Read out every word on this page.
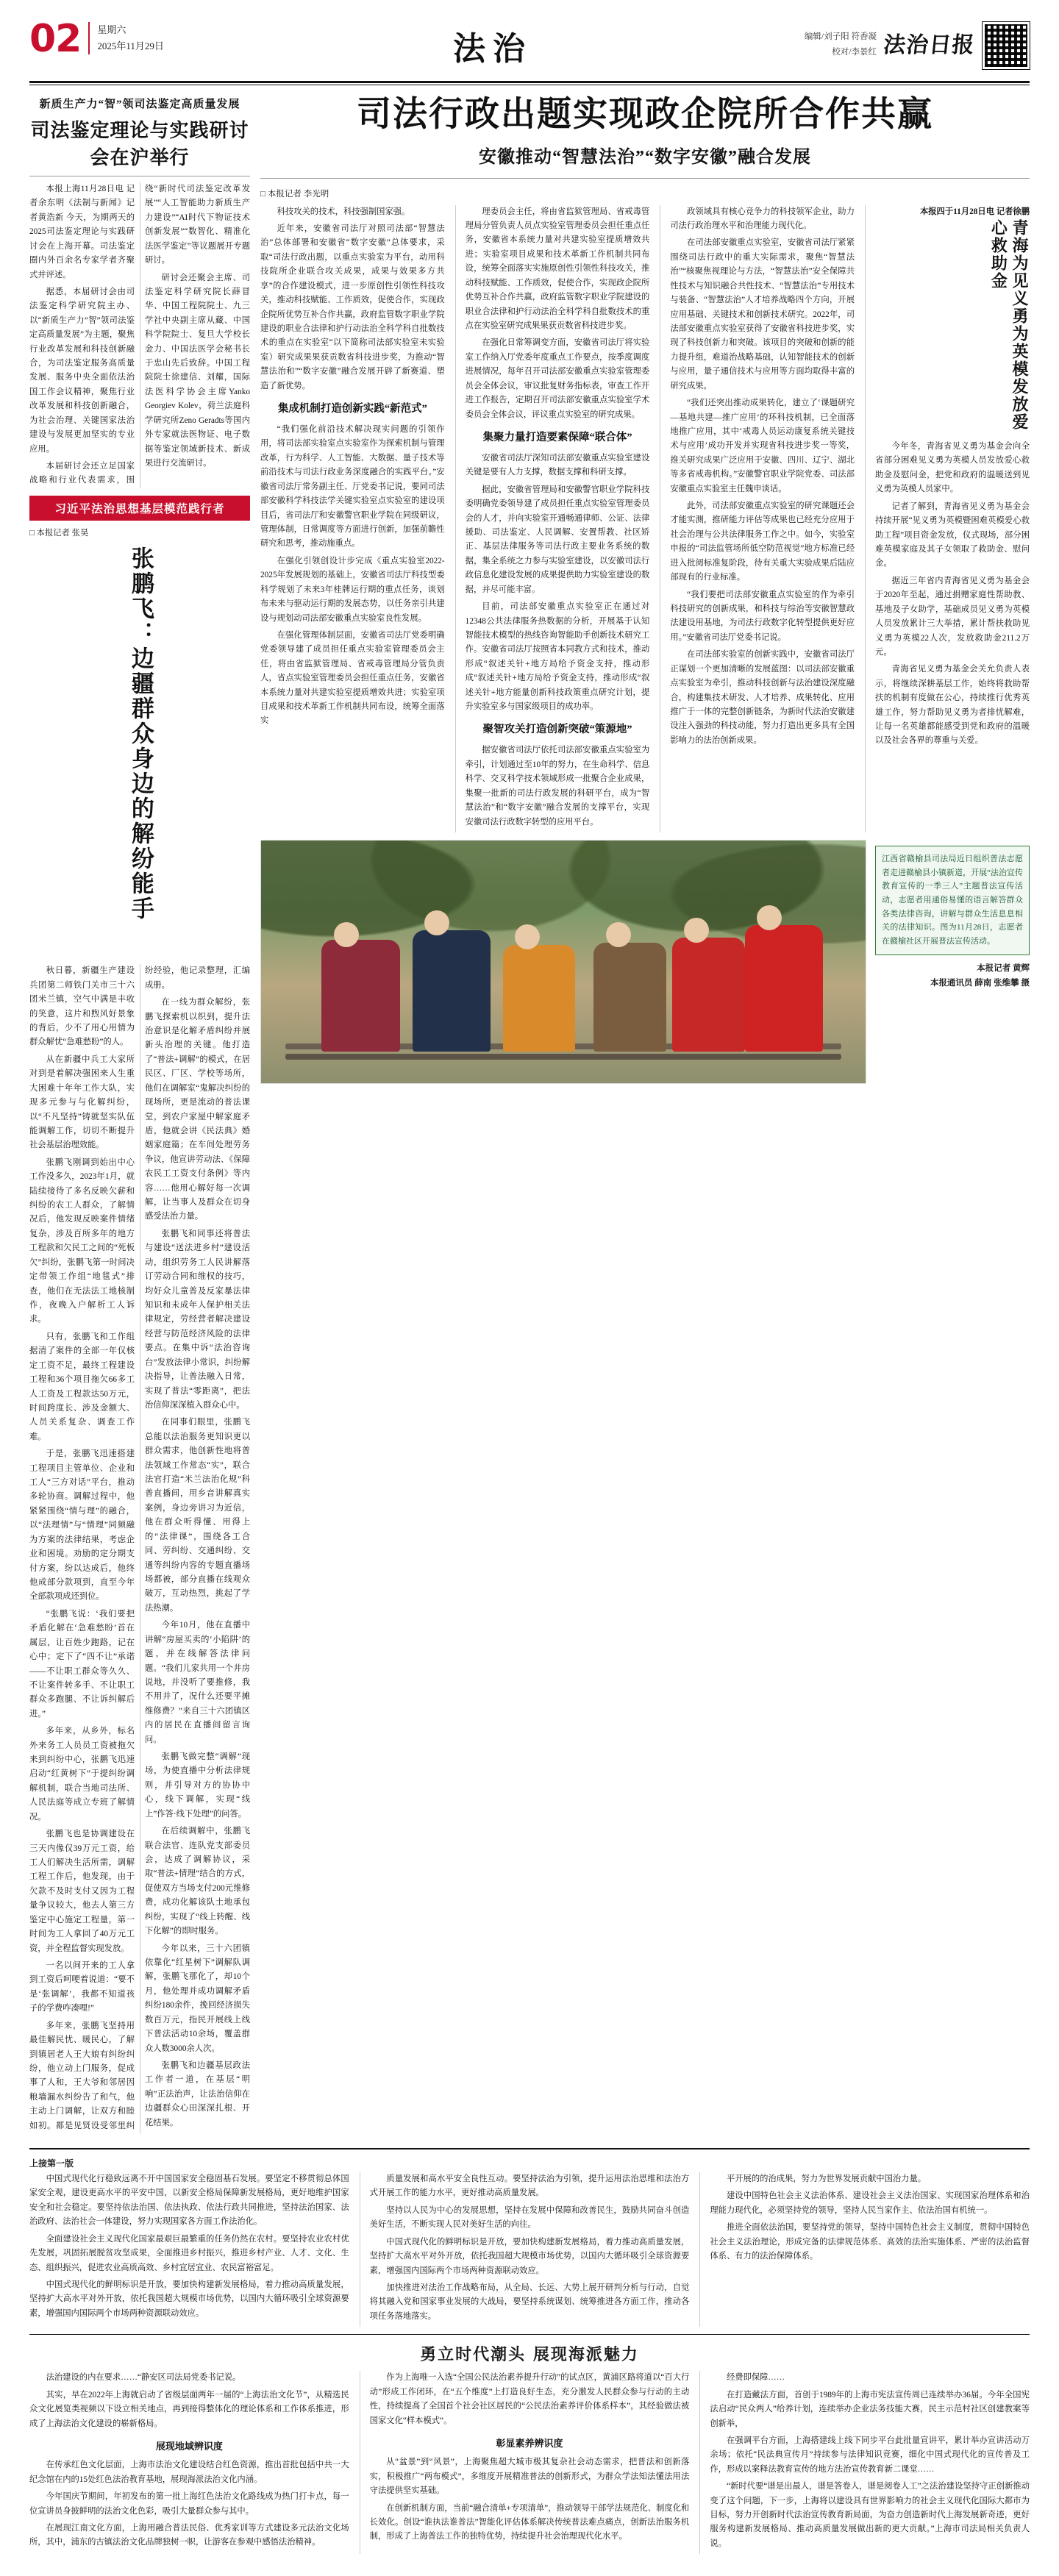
02 星期六
2025年11月29日	法治	编辑/刘子阳 符香凝
校对/李景红 法治日报
新质生产力“智”领司法鉴定高质量发展
司法鉴定理论与实践研讨会在沪举行

本报上海11月28日电 记者余东明《法制与新闻》记者黄浩新 今天，为期两天的2025司法鉴定理论与实践研讨会在上海开幕。司法鉴定圈内外百余名专家学者齐聚式并评述。

据悉，本届研讨会由司法鉴定科学研究院主办、以“新质生产力”智”领司法鉴定高质量发展”为主题，聚焦行业改革发展和科技创新融合，为司法鉴定服务高质量发展、服务中央全面依法治国工作会议精神，聚焦行业改革发展和科技创新融合，为社会治理、关键国家法治建设与发展更加坚实的专业应用。

本届研讨会还立足国家战略和行业代表需求，围绕“新时代司法鉴定改革发展”“人工智能助力新质生产力建设”“AI时代下物证技术创新发展”“数智化、精准化法医学鉴定”等议题展开专题研讨。

研讨会还聚会主席、司法鉴定科学研究院长薛冒华、中国工程院院士、九三学社中央副主席从藏、中国科学院院士、复旦大学校长金力、中国法医学会秘书长于忠山先后致辞。中国工程院院士徐建信、刘耀，国际法医科学协会主席Yanko Georgiev Kolev，荷兰法庭科学研究所Zeno Geradts等国内外专家就法医物证、电子数据等鉴定领域新技术、新成果进行交流研讨。

习近平法治思想基层模范践行者
□ 本报记者 张昊
张鹏飞：边疆群众身边的解纷能手

秋日暮，新疆生产建设兵团第二师铁门关市三十六团米兰镇，空气中满是丰收的笑意，这片和煦风好景象的背后，少不了用心用情为群众解忧“急难愁盼”的人。

从在新疆中兵工大家所对到是着解决强困来人生重大困难十年年工作大队，实现多元参与与化解纠纷，以“不凡坚持”铸就坚实队伍能调解工作，切切不断提升社会基层治理效能。

张鹏飞刚调到始出中心工作没多久，2023年1月，就陆续接待了多名反映欠薪和纠纷的农工人群众，了解情况后，他发现反映案件情绪复杂，涉及百所多年的地方工程款和欠民工之间的“死板欠”纠纷，张鹏飞第一时间决定带领工作组“地毯式”排查，他们在无法法工地核制作，夜晚入户解析工人诉求。

只有，张鹏飞和工作组据清了案件的全部一年仅核定工资不足，最终工程建设工程和36个项目拖欠66多工人工资及工程款达50万元，时间跨度长、涉及金额大、人员关系复杂、调查工作难。

于是，张鹏飞迅速搭建工程项目主管单位、企业和工人“三方对话”平台，推动多轮协商。调解过程中，他紧紧围绕“情与理”的融合，以“法理情”与“情理”同频融为方案的法律结果，考虑企业和困境。劝励的定分期支付方案，纷以达成后，他终他成部分款项到，直至今年全部款项成还到位。

“张鹏飞说：‘我们要把矛盾化解在‘急难愁盼’首在属层，让百姓少跑路，记在心中；定下了“四不让”承诺——不让职工群众等久久、不让案件转多手、不让职工群众多跑腿、不让诉纠解后进。”

多年来，从乡外，标名外来务工人员员工资被拖欠来到纠纷中心，张鹏飞迅速启动“红黄树下”于提纠纷调解机制，联合当地司法所、人民法庭等成立专班了解情况。

张鹏飞也是协调建设在三天内像仅39万元工资，给工人们解决生活所需，调解工程工作后，他发现，由于欠款不及时支付又因为工程量争议较大，他去人第三方鉴定中心施定工程量，第一时间为工人拿回了40万元工资，并全程监督实现发放。

一名以间开来的工人拿到工资后呵哽着说道：“要不是‘张调解’，我都不知道孩子的学费咋凑哩!”

多年来，张鹏飞坚持用最佳解民忧、暖民心，了解到镇居老人王大娘有纠纷纠纷，他立动上门服务，促成事了人和，王大爷和邻居因粮墙漏水纠纷告了和气，他主动上门调解，让双方和睦如初。都是见贤设受邻里纠纷经验，他记录整理，汇编成册。

在一线为群众解纷，张鹏飞探索机以织到，提升法治意识是化解矛盾纠纷并展新头治理的关键。他打造了“普法+调解”的模式，在居民区、厂区、学校等场所，他们在调解室“鬼解决纠纷的现场所，更是流动的普法课堂，到农户家屋中解家庭矛盾，他就会讲《民法典》婚姻家庭篇；在车间处理劳务争议，他宣讲劳动法、《保障农民工工资支付条例》等内容……他用心解好每一次调解，让当事人及群众在切身感受法治力量。

张鹏飞和同事还将普法与建设“送法进乡村”建设活动，组织劳务工人民讲解落订劳动合同和维权的技巧，均好众儿童普及反家暴法律知识和未成年人保护相关法律规定，劳经营者解决建设经营与防范经济风险的法律要点。在集中诉“法治咨询台”发放法律小常识，纠纷解决指导，让普法融入日常，实现了普法“零距离”，把法治信仰深深植入群众心中。

在同事们眼里，张鹏飞总能以法治服务更知识更以群众需求，他创新性地将普法领域工作常态“实”，联合法官打造“米兰法治化规”科普直播间，用乡音讲解真实案例，身边旁讲习为近信，他在群众听得懂、用得上的“法律课”，围绕各工合同、劳纠纷、交通纠纷、交通等纠纷内容的专题直播场场都被，部分直播在线观众破万，互动热烈，挑起了学法热潮。

今年10月，他在直播中讲解“房屋买卖的‘小陷阱’的题，并在线解答法律问题。“我们儿家共用一个井房说地，并没听了要推修，我不用并了，况什么还要平摊维修费？”来自三十六团镇区内的居民在直播间留言询问。

张鹏飞做完整“调解”现场，为使直播中分析法律规则，并引导对方的协协中心，线下调解，实现“线上”作答·线下处理”的问答。

在后续调解中，张鹏飞联合法官、连队党支部委员会，达成了调解协议，采取“普法+情理”结合的方式，促使双方当场支付200元维修费，成功化解该队土地承包纠纷，实现了“线上转醒、线下化解”的即时服务。

今年以来，三十六团镇依靠化“红星树下”调解队调解，张鹏飞那化了，却10个月，他处理并成功调解矛盾纠纷180余件，挽回经济损失数百万元，指民开展线上线下普法活动10余场，覆盖群众人数3000余人次。

张鹏飞和边疆基层政法工作者一道，在基层“明响”正法治声，让法治信仰在边疆群众心田深深扎根、开花结果。

司法行政出题实现政企院所合作共赢
安徽推动“智慧法治”“数字安徽”融合发展
□ 本报记者 李光明

科技攻关的技术，科技强制国家强。

近年来，安徽省司法厅对照司法部“智慧法治”总体部署和安徽省“数字安徽”总体要求，采取“司法行政出题，以重点实验室为平台，动用科技院所企业联合攻关成果，成果与效果多方共享”的合作建设模式，进一步原创性引领性科技攻关，推动科技赋能、工作质效，促使合作，实现政企院所优势互补合作共赢，政府监管数字职业学院建设的职业合法律和护行动法治全科学科自批数技术的重点在实验室“以下简称司法部实验室未实验室）研究成果果获贡数省科技进步奖，为推动“智慧法治和”“数字安徽”融合发展开辟了新赛道、塑造了新优势。

集成机制打造创新实践“新范式”

“我们强化前沿技术解决现实问题的引领作用，将司法部实验室点实验室作为探索机制与管理改革，行为科学、人工智能、大数据、量子技术等前沿技术与司法行政业务深度融合的实践平台。”安徽省司法厅常务副主任、厅党委书记说，要同司法部安徽科学科技法学关键实验室点实验室的建设项目后，省司法厅和安徽警官职业学院在同级研议，管理体制，日常调度等方面进行创新，加强前瞻性研究和思考，推动施重点。

在强化引领创设计步完成《重点实验室2022-2025年发展规划的基础上，安徽省司法厅科技型委科学规划了未来3年桂牌运行期的重点任务，谈划布未来与驱动运行期的发展态势，以任务亲引共建设与规划动司法部安徽重点实验室良性发展。

在强化管理体制层面，安徽省司法厅党委明确党委领导建了成员担任重点实验室管理委员会主任，将由省监狱管理局、省戒毒管理局分管负责人，省点实验室管理委员会担任重点任务，安徽省本系统力量对共建实验室提质增效共进；实验室项目成果和技术革新工作机制共同布设，统筹全面落实

理委员会主任，将由省监狱管理局、省戒毒管理局分管负责人员点实验室管理委员会担任重点任务，安徽省本系统力量对共建实验室提质增效共进；实验室项目成果和技术革新工作机制共同布设，统筹全面落实实施原创性引领性科技攻关，推动科技赋能、工作质效，促使合作，实现政企院所优势互补合作共赢，政府监管数字职业学院建设的职业合法律和护行动法治全科学科自批数技术的重点在实验室研究成果果获贡数省科技进步奖。

在强化日常筹调变方面，安徽省司法厅将实验室工作纳入厅党委年度重点工作要点，按季度调度进展情况，每年召开司法部安徽重点实验室管理委员会全体会议，审议批复财务指标表，审查工作开进工作报告，定期召开司法部安徽重点实验室学术委员会全体会议，评议重点实验室的研究成果。

集聚力量打造要素保障“联合体”

安徽省司法厅深知司法部安徽重点实验室建设关键是要有人力支撑，数据支撑和科研支撑。

据此，安徽省管理局和安徽警官职业学院科技委明确党委领导建了成员担任重点实验室管理委员会的人才，并向实验室开通畅通律师、公证、法律援助、司法鉴定、人民调解、安置帮教、社区矫正、基层法律服务等司法行政主要业务系统的数据，集全系统之力参与实验室建设，以安徽司法行政信息化建设发展的成果提供助力实验室建设的数据，并尽可能丰富。

目前，司法部安徽重点实验室正在通过对12348公共法律服务热数据的分析，开展基于认知智能技术模型的热线咨询智能助手创新技术研究工作。安徽省司法厅按照省本同教方式和技术，推动形成“叙述关针+地方局给予资金支持，推动形成“叙述关针+地方局给予资金支持，推动形成“叙述关针+地方能量创新科技政策重点研究计划，提升实验室多与国家级项目的成功率。

聚智攻关打造创新突破“策源地”

据安徽省司法厅依托司法部安徽重点实验室为牵引，计划通过至10年的努力，在生命科学、信息科学、交叉科学技术领域形成一批聚合企业成果，集聚一批新的司法行政发展的科研平台，成为“智慧法治”和“数字安徽”融合发展的支撑平台，实现安徽司法行政数字转型的应用平台。

政领域具有核心竞争力的科技领军企业，助力司法行政治理水平和治理能力现代化。

在司法部安徽重点实验室，安徽省司法厅紧紧围绕司法行政中的重大实际需求，聚焦“智慧法治”“核聚焦视理论与方法，“智慧法治”安全保障共性技术与知识融合共性技术、“智慧法治”专用技术与装备、“智慧法治”人才培养战略四个方向，开展应用基础、关键技术和创新技术研究。2022年，司法部安徽重点实验室获得了安徽省科技进步奖，实现了科技创新力和突破。该项目的突破和创新的能力提升组，难道治战略基础，认知智能技术的创新与应用，量子通信技术与应用等方面均取得丰富的研究成果。

“我们还突出推动成果转化，建立了‘课题研究—基地共建—推广应用’的环科技机制，已全面落地推广应用，其中‘戒毒人员运动康复系统关键技术与应用’成功开发并实现省科技进步奖一等奖，推关研究成果广泛应用于安徽、四川、辽宁、湖北等多省戒毒机构。”安徽警官职业学院党委、司法部安徽重点实验室主任魏申谈话。

此外，司法部安徽重点实验室的研究课题还会才能实测，推研能力评估等成果也已经充分应用于社会治理与公共法律服务工作之中。如今，实验室申报的“司法监管场所低空防范视觉”地方标准已经进入批阅标准复阶段，待有关重大实验成果后陆应部现有的行业标准。

“我们要把司法部安徽重点实验室的作为牵引科技研究的创新成果，和科技与综治等安徽智慧政法建设用基地，为司法行政数字化转型提供更好应用。”安徽省司法厅党委书记说。

在司法部实验室的创新实践中，安徽省司法厅正谋划一个更加清晰的发展蓝图：以司法部安徽重点实验室为牵引，推动科技创新与法治建设深度融合，构建集技术研发、人才培养、成果转化、应用推广于一体的完整创新链条，为新时代法治安徽建设注入强劲的科技动能，努力打造出更多具有全国影响力的法治创新成果。

本报四于11月28日电 记者徐鹏
青海为见义勇为英模发放爱心救助金

今年冬，青海省见义勇为基金会向全省部分困难见义勇为英模人员发放爱心救助金及慰问金，把党和政府的温暖送到见义勇为英模人员家中。

记者了解到，青海省见义勇为基金会持续开展“见义勇为英模暨困难英模爱心救助工程”项目资金发放，仪式现场，部分困难英模家庭及其子女领取了救助金、慰问金。

据近三年省内青海省见义勇为基金会于2020年至起，通过捐赠家庭性帮助教、基地及子女助学，基础成员见义勇为英模人员发放累计三大举措，累计帮扶救助见义勇为英模22人次，发放救助金211.2万元。

青海省见义勇为基金会关允负责人表示，将继续深耕基层工作，始终将救助帮扶的机制有度做在公心，持续推行优秀英雄工作，努力帮助见义勇为者排忧解难，让每一名英雄都能感受到党和政府的温暖以及社会各界的尊重与关爱。

江西省赣榆县司法局近日组织普法志愿者走进赣榆县小镇新道，开展“法治宣传教育宣传的一季三人”主题普法宣传活动，志愿者用通俗易懂的语言解答群众各类法律咨询，讲解与群众生活息息相关的法律知识。图为11月28日，志愿者在赣榆社区开展普法宣传活动。
本报记者 黄辉
本报通讯员 薛南 张维攀 摄
上接第一版

中国式现代化行稳致远离不开中国国家安全稳固基石发展。要坚定不移贯彻总体国家安全观，建设更高水平的平安中国，以新安全格局保障新发展格局，更好地维护国家安全和社会稳定。要坚持依法治国、依法执政、依法行政共同推进，坚持法治国家、法治政府、法治社会一体建设，努力实现国家各方面工作法治化。

全面建设社会主义现代化国家最艰巨最繁重的任务仍然在农村。要坚持农业农村优先发展，巩固拓展脱贫攻坚成果，全面推进乡村振兴，推进乡村产业、人才、文化、生态、组织振兴，促进农业高质高效、乡村宜居宜业、农民富裕富足。

中国式现代化的鲜明标识是开放，要加快构建新发展格局，着力推动高质量发展，坚持扩大高水平对外开放，依托我国超大规模市场优势，以国内大循环吸引全球资源要素，增强国内国际两个市场两种资源联动效应。

质量发展和高水平安全良性互动。要坚持法治为引领，提升运用法治思维和法治方式开展工作的能力水平，更好推动高质量发展。

坚持以人民为中心的发展思想，坚持在发展中保障和改善民生，鼓励共同奋斗创造美好生活，不断实现人民对美好生活的向往。

中国式现代化的鲜明标识是开放，要加快构建新发展格局，着力推动高质量发展，坚持扩大高水平对外开放，依托我国超大规模市场优势，以国内大循环吸引全球资源要素，增强国内国际两个市场两种资源联动效应。

加快推进对法治工作战略布局，从全局、长远、大势上展开研判分析与行动，自觉将其融入党和国家事业发展的大战局，要坚持系统谋划、统筹推进各方面工作，推动各项任务落地落实。

平开展的的治成果，努力为世界发展贡献中国治力量。

建设中国特色社会主义法治体系、建设社会主义法治国家、实现国家治理体系和治理能力现代化，必须坚持党的领导，坚持人民当家作主、依法治国有机统一。

推进全面依法治国，要坚持党的领导，坚持中国特色社会主义制度，贯彻中国特色社会主义法治理论，形成完备的法律规范体系、高效的法治实施体系、严密的法治监督体系、有力的法治保障体系。

勇立时代潮头 展现海派魅力

法治建设的内在要求……“静安区司法局党委书记说。

其实，早在2022年上海就启动了省级层面两年一届的“上海法治文化节”，从精选民众文化展览类视频以下设立相关地点，再到接得整体化的理论体系和工作体系推进，形成了上海法治文化建设的崭新格局。

展现地域辨识度

在传承红色文化层面，上海市法治文化建设结合红色资源，推出首批包括中共一大纪念馆在内的15处红色法治教育基地，展现海派法治文化内涵。

今年国庆节期间，年初发布的第一批上海红色法治文化路线成为热门打卡点，每一位宣讲员身披鲜明的法治文化色彩，吸引大量群众参与其中。

在展现江南文化方面，上海用融合普法民俗、优秀家训等方式建设多元法治文化场所，其中，浦东的古镇法治文化品牌独树一帜，让游客在参观中感悟法治精神。

作为上海唯一入选“全国公民法治素养提升行动”的试点区，黄浦区路将道以“百大行动”形成工作闭环，在“五个维度”上打造良好生态，充分激发人民群众参与行动的主动性，持续提高了全国首个社会社区居民的“公民法治素养评价体系样本”，其经验做法被国家文化“样本模式”。

彰显素养辨识度

从“盆景”到“风景”，上海聚焦超大城市极其复杂社会动态需求，把普法和创新落实，积极推广“两布模式”，多维度开展精准普法的创新形式，为群众学法知法懂法用法守法提供坚实基础。

在创新机制方面，当前“融合清单+专项清单”，推动领导干部学法规范化、制度化和长效化。创设“谁执法谁普法”智能化评估体系解决传统普法难点痛点，创新法治服务机制，形成了上海普法工作的独特优势，持续提升社会治理现代化水平。

经费即保障……

在打造戴法方面，首创于1989年的上海市宪法宣传周已连续举办36届。今年全国宪法启动“民众两人”给养计划，连续举办企业法务技能大赛，民主示范村社区创建教案等创新举，

在强调平台方面，上海搭建线上线下同步平台此批量宣讲平，累计举办宣讲活动万余场；依托“民法典宣传月”持续参与法律知识竞赛，细化中国式现代化的宣传普及工作，形成以案释法教育宣传的地方法治宣传教育新二课堂……

“新时代要“谱是出最人，谱是答卷人，谱是阅卷人工”之法治建设坚持守正创新推动变了这个问题，下一步，上海将以建设具有世界影响力的社会主义现代化国际大都市为目标，努力开创新时代法治宣传教育新局面，为奋力创造新时代上海发展新奇迹，更好服务构建新发展格局、推动高质量发展做出新的更大贡献。”上海市司法局相关负责人说。
